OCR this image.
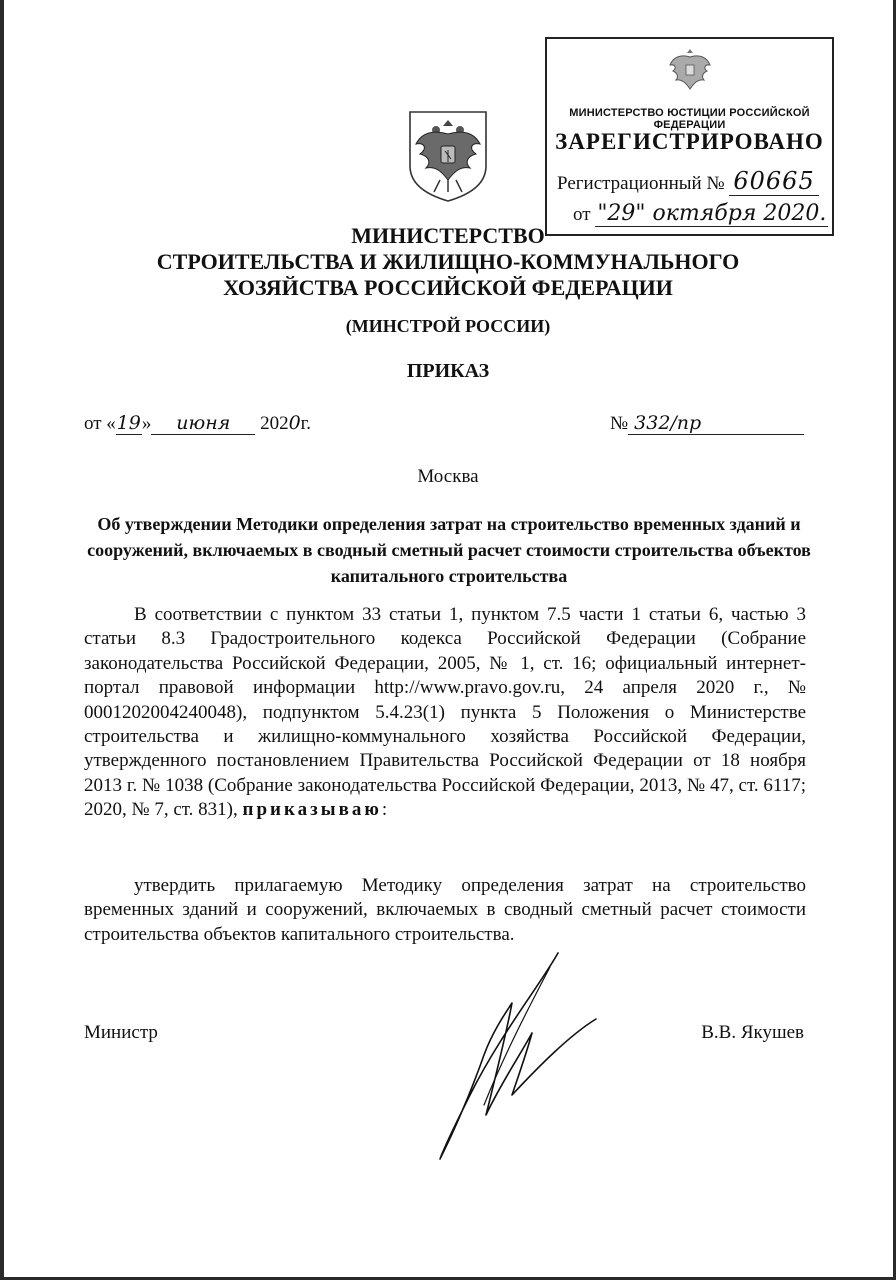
МИНИСТЕРСТВО ЮСТИЦИИ РОССИЙСКОЙ ФЕДЕРАЦИИ
ЗАРЕГИСТРИРОВАНО
Регистрационный № 60665
от "29" октября 2020.
МИНИСТЕРСТВО
СТРОИТЕЛЬСТВА И ЖИЛИЩНО-КОММУНАЛЬНОГО
ХОЗЯЙСТВА РОССИЙСКОЙ ФЕДЕРАЦИИ
(МИНСТРОЙ РОССИИ)
ПРИКАЗ
от «19» июня 2020г.	№ 332/пр
Москва
Об утверждении Методики определения затрат на строительство временных зданий и сооружений, включаемых в сводный сметный расчет стоимости строительства объектов капитального строительства

В соответствии с пунктом 33 статьи 1, пунктом 7.5 части 1 статьи 6, частью 3 статьи 8.3 Градостроительного кодекса Российской Федерации (Собрание законодательства Российской Федерации, 2005, № 1, ст. 16; официальный интернет-портал правовой информации http://www.pravo.gov.ru, 24 апреля 2020 г., № 0001202004240048), подпунктом 5.4.23(1) пункта 5 Положения о Министерстве строительства и жилищно-коммунального хозяйства Российской Федерации, утвержденного постановлением Правительства Российской Федерации от 18 ноября 2013 г. № 1038 (Собрание законодательства Российской Федерации, 2013, № 47, ст. 6117; 2020, № 7, ст. 831), приказываю:

утвердить прилагаемую Методику определения затрат на строительство временных зданий и сооружений, включаемых в сводный сметный расчет стоимости строительства объектов капитального строительства.

Министр	В.В. Якушев
